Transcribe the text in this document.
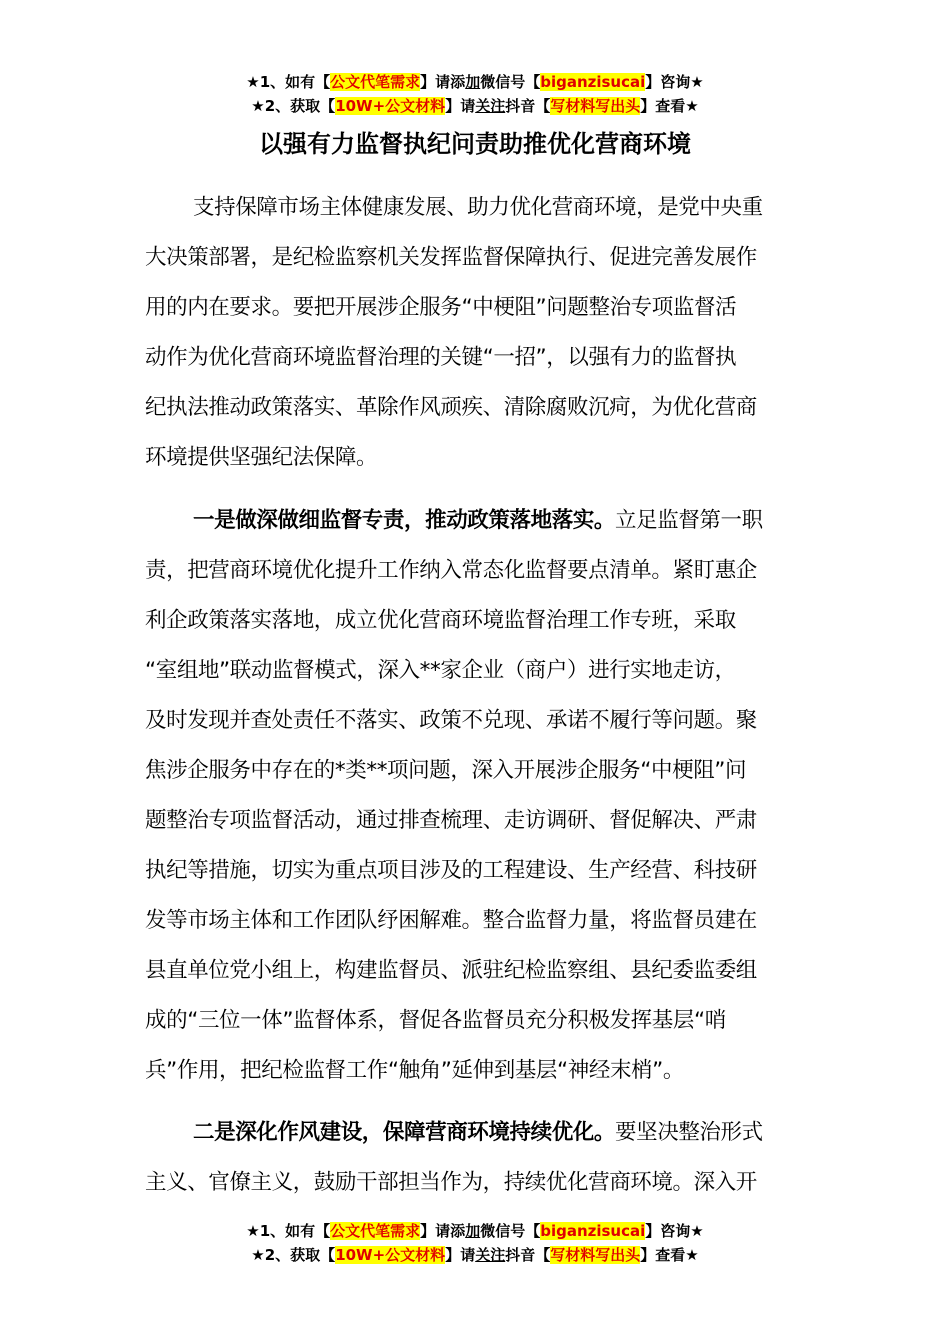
★1、如有【公文代笔需求】请添加微信号【biganzisucai】咨询★
★2、获取【10W+公文材料】请关注抖音【写材料写出头】查看★
以强有力监督执纪问责助推优化营商环境
支持保障市场主体健康发展、助力优化营商环境，是党中央重
大决策部署，是纪检监察机关发挥监督保障执行、促进完善发展作
用的内在要求。要把开展涉企服务“中梗阻”问题整治专项监督活
动作为优化营商环境监督治理的关键“一招”，以强有力的监督执
纪执法推动政策落实、革除作风顽疾、清除腐败沉疴，为优化营商
环境提供坚强纪法保障。
一是做深做细监督专责，推动政策落地落实。立足监督第一职
责，把营商环境优化提升工作纳入常态化监督要点清单。紧盯惠企
利企政策落实落地，成立优化营商环境监督治理工作专班，采取
“室组地”联动监督模式，深入**家企业（商户）进行实地走访，
及时发现并查处责任不落实、政策不兑现、承诺不履行等问题。聚
焦涉企服务中存在的*类**项问题，深入开展涉企服务“中梗阻”问
题整治专项监督活动，通过排查梳理、走访调研、督促解决、严肃
执纪等措施，切实为重点项目涉及的工程建设、生产经营、科技研
发等市场主体和工作团队纾困解难。整合监督力量，将监督员建在
县直单位党小组上，构建监督员、派驻纪检监察组、县纪委监委组
成的“三位一体”监督体系，督促各监督员充分积极发挥基层“哨
兵”作用，把纪检监督工作“触角”延伸到基层“神经末梢”。
二是深化作风建设，保障营商环境持续优化。要坚决整治形式
主义、官僚主义，鼓励干部担当作为，持续优化营商环境。深入开
★1、如有【公文代笔需求】请添加微信号【biganzisucai】咨询★
★2、获取【10W+公文材料】请关注抖音【写材料写出头】查看★
